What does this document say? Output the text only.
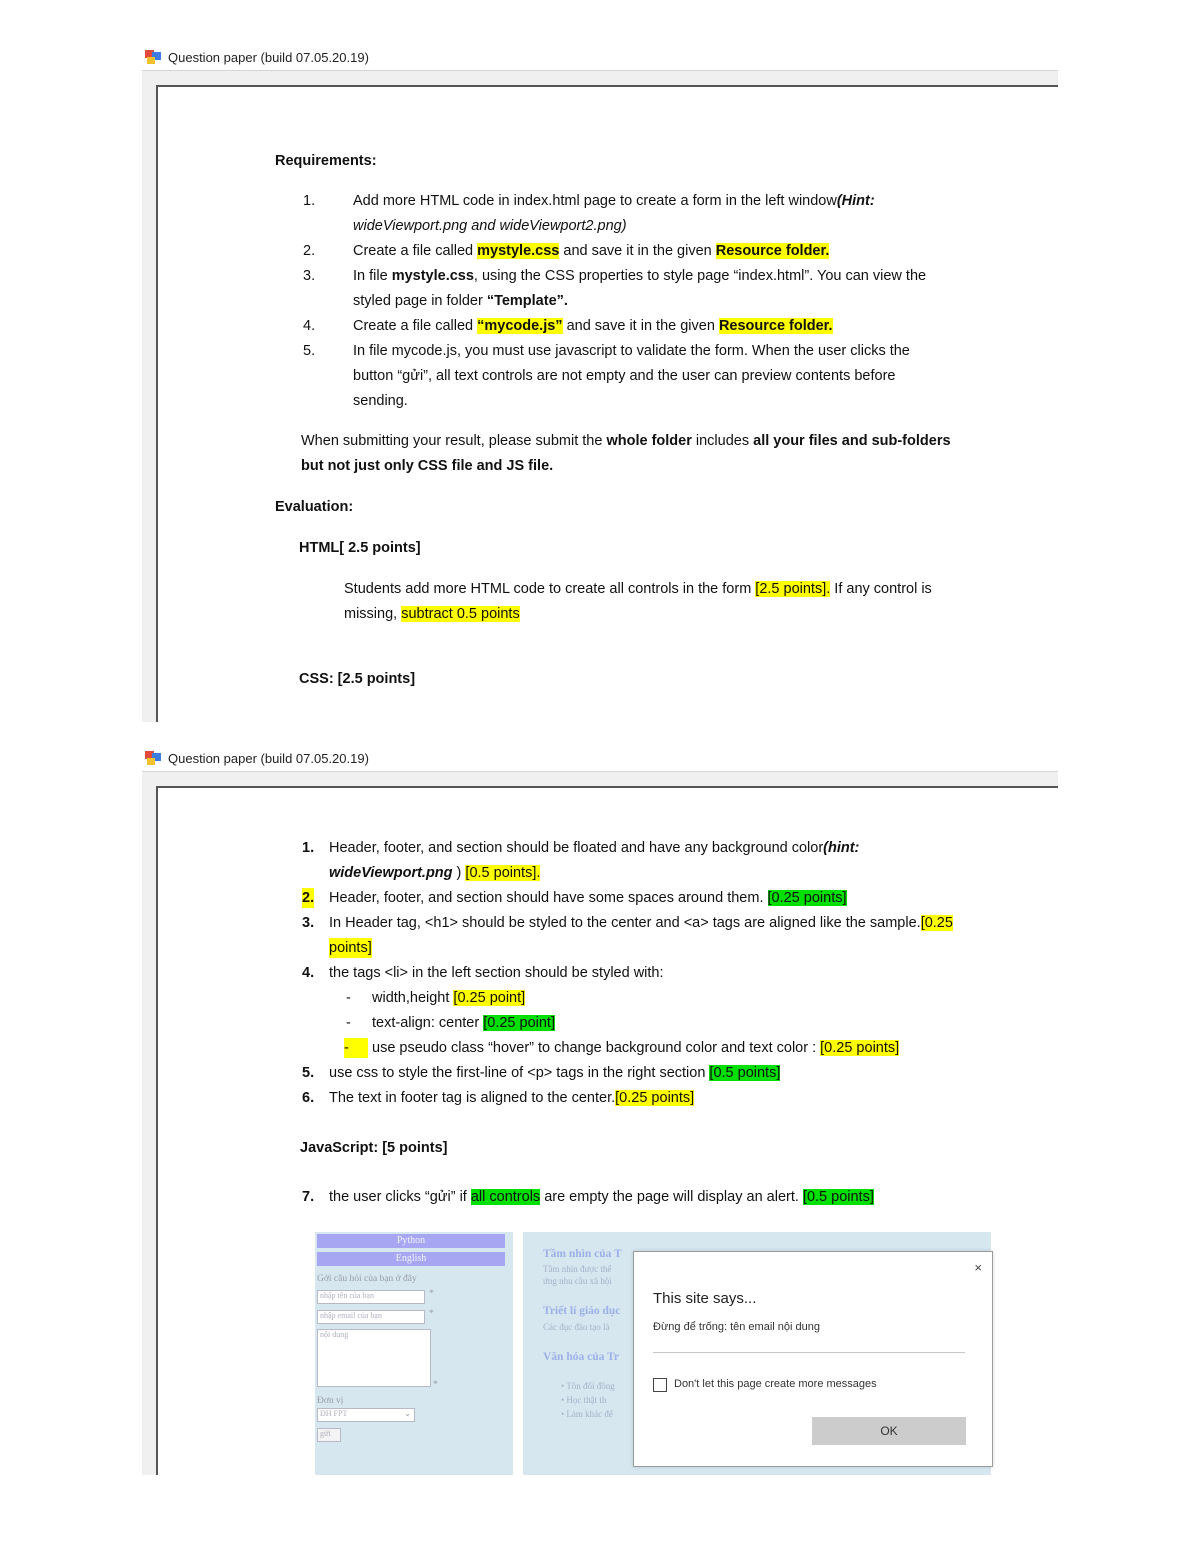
Question paper (build 07.05.20.19)
Requirements:
1.	Add more HTML code in index.html page to create a form in the left window(Hint:
wideViewport.png and wideViewport2.png)
2.	Create a file called mystyle.css and save it in the given Resource folder.
3.	In file mystyle.css, using the CSS properties to style page “index.html”. You can view the
styled page in folder “Template”.
4.	Create a file called “mycode.js” and save it in the given Resource folder.
5.	In file mycode.js, you must use javascript to validate the form. When the user clicks the
button “gửi”, all text controls are not empty and the user can preview contents before
sending.
When submitting your result, please submit the whole folder includes all your files and sub-folders
but not just only CSS file and JS file.
Evaluation:
HTML[ 2.5 points]
Students add more HTML code to create all controls in the form [2.5 points]. If any control is
missing, subtract 0.5 points
CSS: [2.5 points]
Question paper (build 07.05.20.19)
1. Header, footer, and section should be floated and have any background color(hint:
wideViewport.png ) [0.5 points].
2. Header, footer, and section should have some spaces around them. [0.25 points]
3. In Header tag, <h1> should be styled to the center and <a> tags are aligned like the sample.[0.25
points]
4. the tags <li> in the left section should be styled with:
- width,height [0.25 point]
- text-align: center [0.25 point]
-	use pseudo class “hover” to change background color and text color : [0.25 points]
5. use css to style the first-line of <p> tags in the right section [0.5 points]
6. The text in footer tag is aligned to the center.[0.25 points]
JavaScript: [5 points]
7. the user clicks “gửi” if all controls are empty the page will display an alert. [0.5 points]
Python
English
Gởi câu hỏi của bạn ở đây
nhập tên của bạn	*
nhập email của bạn	*
nội dung
*
Đơn vị
ĐH FPT	⌄
gửi
Tầm nhìn của T
Tầm nhìn được thể
ứng nhu cầu xã hội
Triết lí giáo dục
Các đục đào tạo là
Văn hóa của Tr
• Tôn đổi đồng
• Học thật th
• Làm khác để
×
This site says...
Đừng để trống: tên email nội dung
Don't let this page create more messages
OK
